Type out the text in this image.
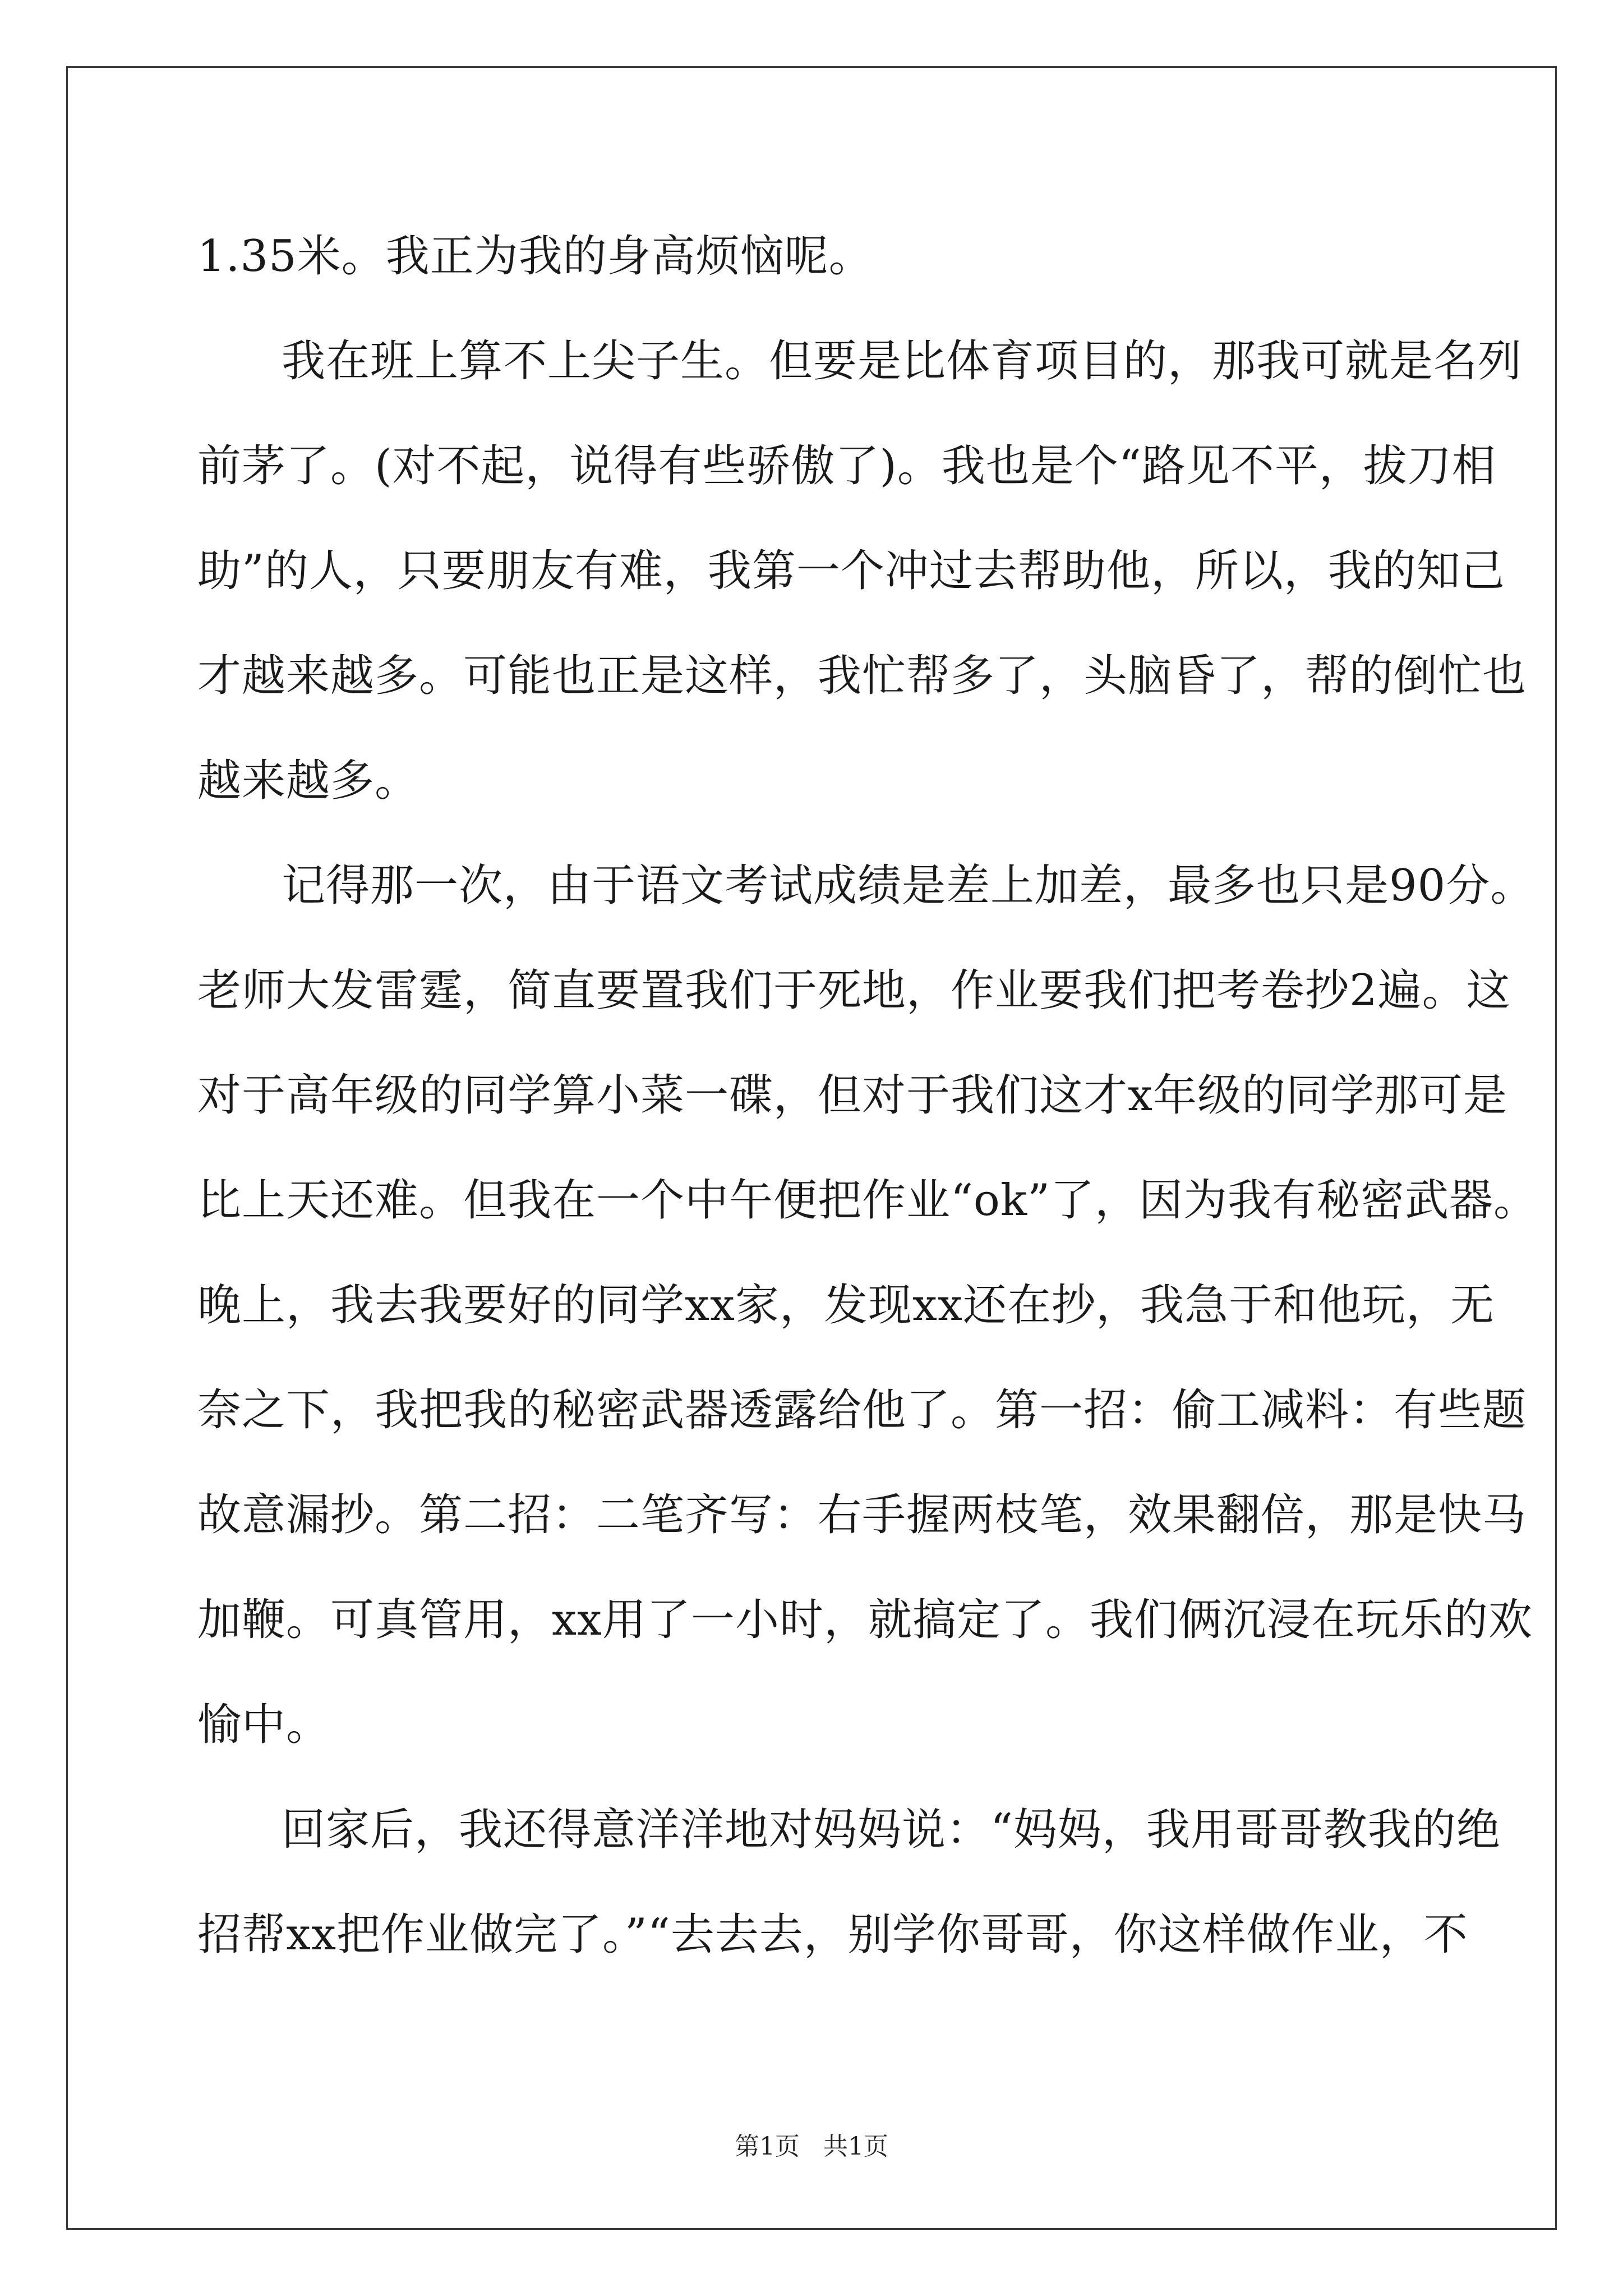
1.35米。我正为我的身高烦恼呢。
我在班上算不上尖子生。但要是比体育项目的，那我可就是名列
前茅了。(对不起，说得有些骄傲了)。我也是个“路见不平，拔刀相
助”的人，只要朋友有难，我第一个冲过去帮助他，所以，我的知己
才越来越多。可能也正是这样，我忙帮多了，头脑昏了，帮的倒忙也
越来越多。
记得那一次，由于语文考试成绩是差上加差，最多也只是90分。
老师大发雷霆，简直要置我们于死地，作业要我们把考卷抄2遍。这
对于高年级的同学算小菜一碟，但对于我们这才x年级的同学那可是
比上天还难。但我在一个中午便把作业“ok”了，因为我有秘密武器。
晚上，我去我要好的同学xx家，发现xx还在抄，我急于和他玩，无
奈之下，我把我的秘密武器透露给他了。第一招：偷工减料：有些题
故意漏抄。第二招：二笔齐写：右手握两枝笔，效果翻倍，那是快马
加鞭。可真管用，xx用了一小时，就搞定了。我们俩沉浸在玩乐的欢
愉中。
回家后，我还得意洋洋地对妈妈说：“妈妈，我用哥哥教我的绝
招帮xx把作业做完了。”“去去去，别学你哥哥，你这样做作业，不
第1页 共1页
